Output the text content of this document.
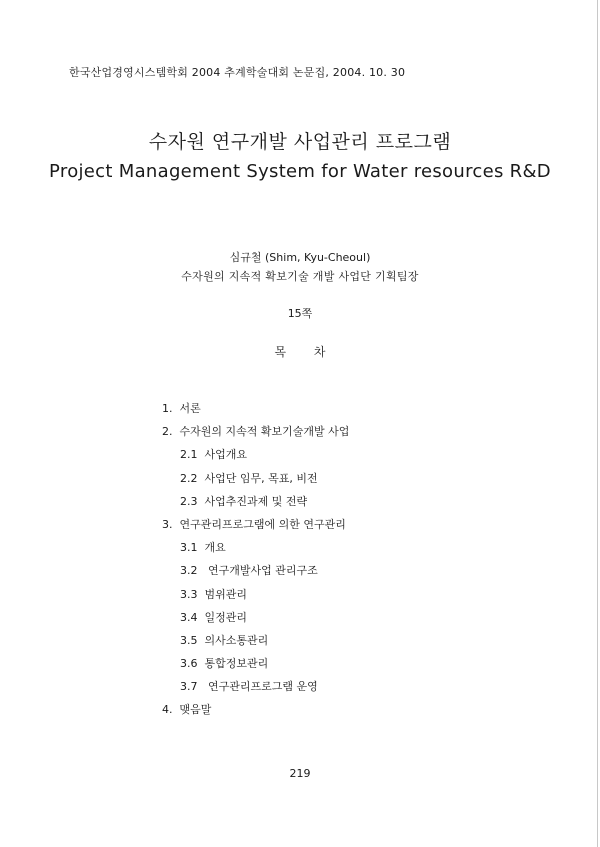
한국산업경영시스템학회 2004 추계학술대회 논문집, 2004. 10. 30
수자원 연구개발 사업관리 프로그램
Project Management System for Water resources R&D
심규철 (Shim, Kyu-Cheoul)
수자원의 지속적 확보기술 개발 사업단 기획팀장
15쪽
목 차
1. 서론
2. 수자원의 지속적 확보기술개발 사업
2.1 사업개요
2.2 사업단 임무, 목표, 비전
2.3 사업추진과제 및 전략
3. 연구관리프로그램에 의한 연구관리
3.1 개요
3.2 연구개발사업 관리구조
3.3 범위관리
3.4 일정관리
3.5 의사소통관리
3.6 통합정보관리
3.7 연구관리프로그램 운영
4. 맺음말
219
